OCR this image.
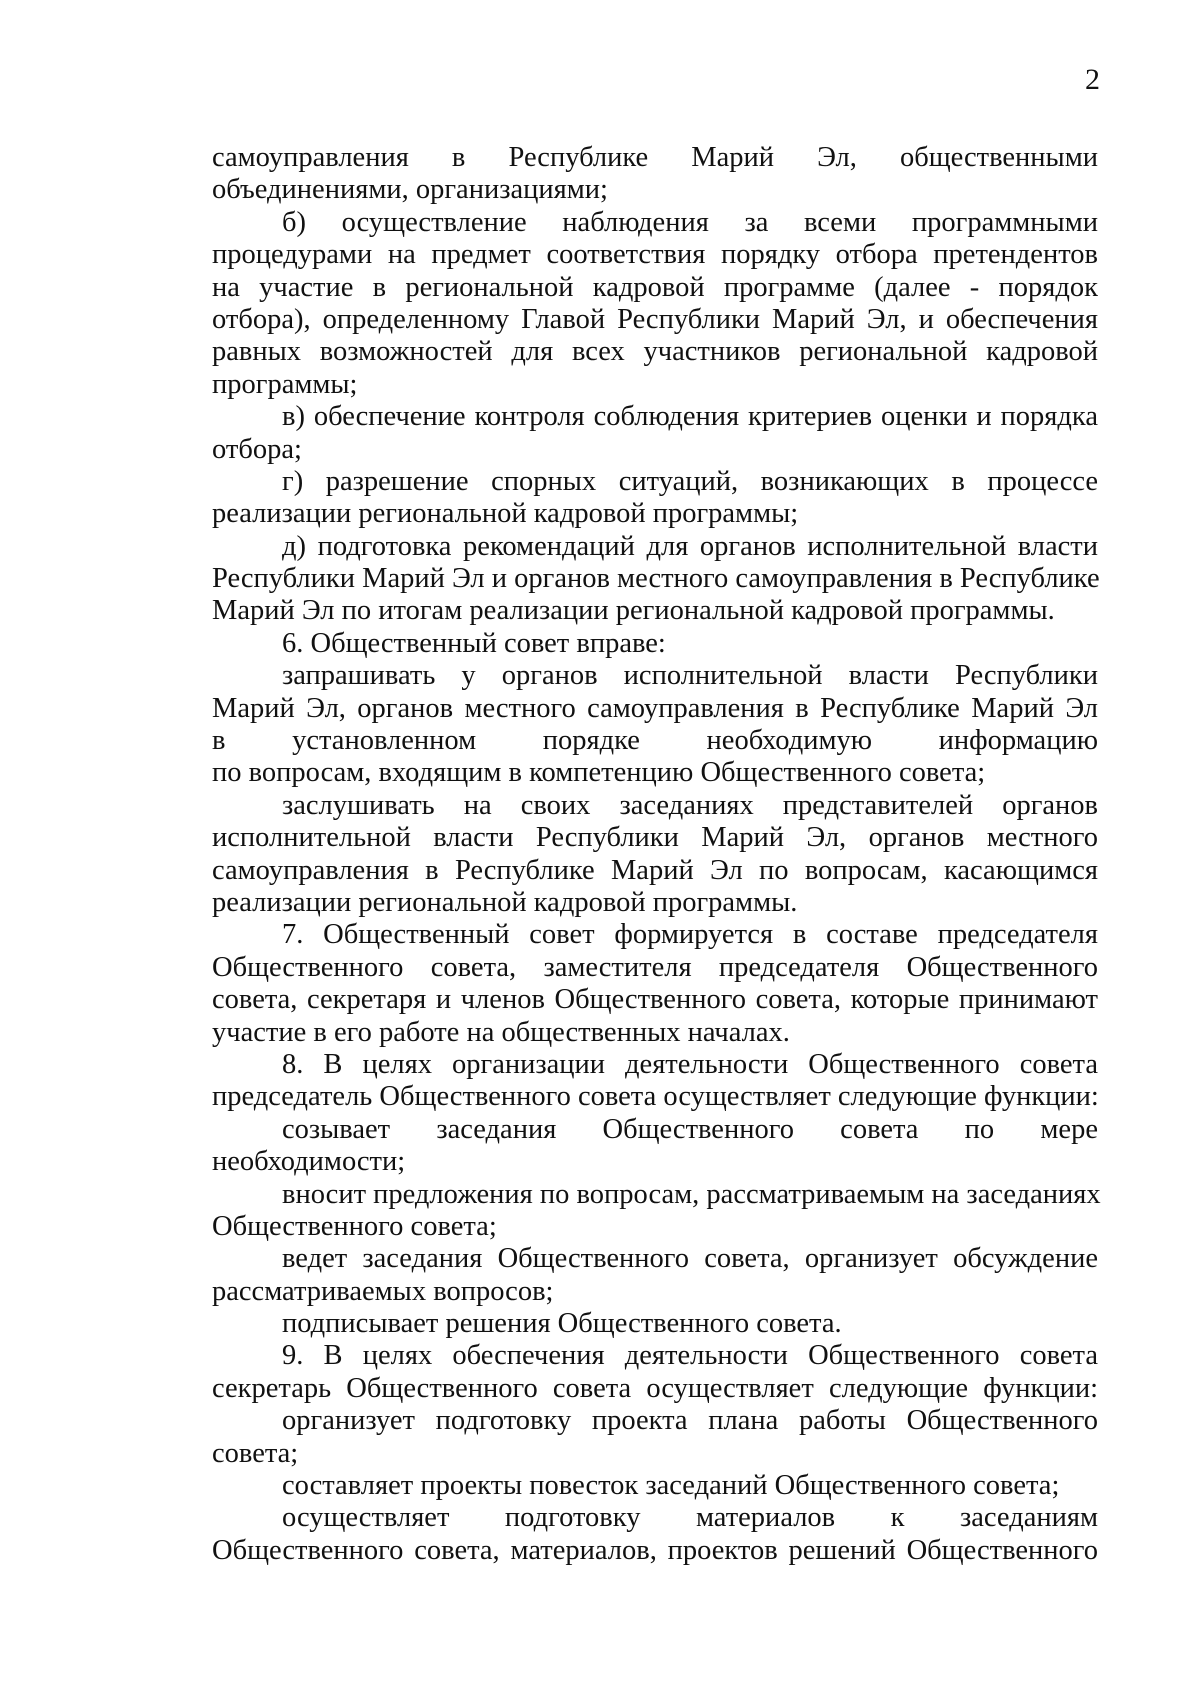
2
самоуправления в Республике Марий Эл, общественными
объединениями, организациями;
б) осуществление наблюдения за всеми программными
процедурами на предмет соответствия порядку отбора претендентов
на участие в региональной кадровой программе (далее - порядок
отбора), определенному Главой Республики Марий Эл, и обеспечения
равных возможностей для всех участников региональной кадровой
программы;
в) обеспечение контроля соблюдения критериев оценки и порядка
отбора;
г) разрешение спорных ситуаций, возникающих в процессе
реализации региональной кадровой программы;
д) подготовка рекомендаций для органов исполнительной власти
Республики Марий Эл и органов местного самоуправления в Республике
Марий Эл по итогам реализации региональной кадровой программы.
6. Общественный совет вправе:
запрашивать у органов исполнительной власти Республики
Марий Эл, органов местного самоуправления в Республике Марий Эл
в установленном порядке необходимую информацию
по вопросам, входящим в компетенцию Общественного совета;
заслушивать на своих заседаниях представителей органов
исполнительной власти Республики Марий Эл, органов местного
самоуправления в Республике Марий Эл по вопросам, касающимся
реализации региональной кадровой программы.
7. Общественный совет формируется в составе председателя
Общественного совета, заместителя председателя Общественного
совета, секретаря и членов Общественного совета, которые принимают
участие в его работе на общественных началах.
8. В целях организации деятельности Общественного совета
председатель Общественного совета осуществляет следующие функции:
созывает заседания Общественного совета по мере
необходимости;
вносит предложения по вопросам, рассматриваемым на заседаниях
Общественного совета;
ведет заседания Общественного совета, организует обсуждение
рассматриваемых вопросов;
подписывает решения Общественного совета.
9. В целях обеспечения деятельности Общественного совета
секретарь Общественного совета осуществляет следующие функции:
организует подготовку проекта плана работы Общественного
совета;
составляет проекты повесток заседаний Общественного совета;
осуществляет подготовку материалов к заседаниям
Общественного совета, материалов, проектов решений Общественного
